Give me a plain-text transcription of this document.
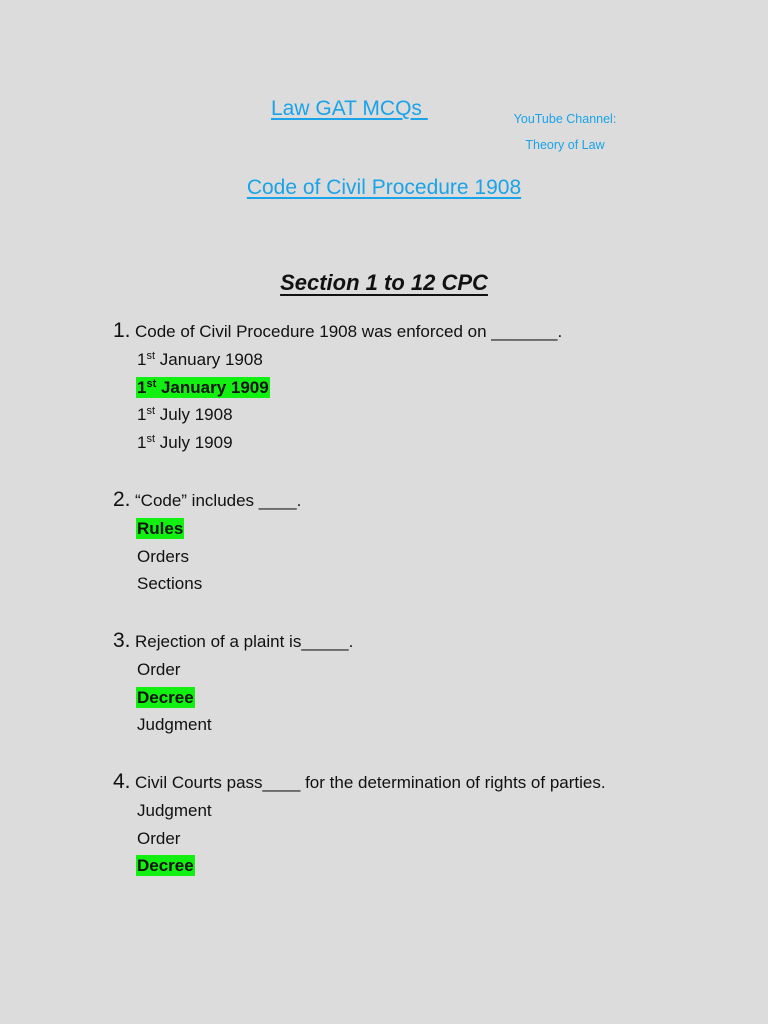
Law GAT MCQs	YouTube Channel:
Theory of Law
Code of Civil Procedure 1908
Section 1 to 12 CPC
1. Code of Civil Procedure 1908 was enforced on _______.
1st January 1908
1st January 1909
1st July 1908
1st July 1909
2. “Code” includes ____.
Rules
Orders
Sections
3. Rejection of a plaint is_____.
Order
Decree
Judgment
4. Civil Courts pass____ for the determination of rights of parties.
Judgment
Order
Decree
